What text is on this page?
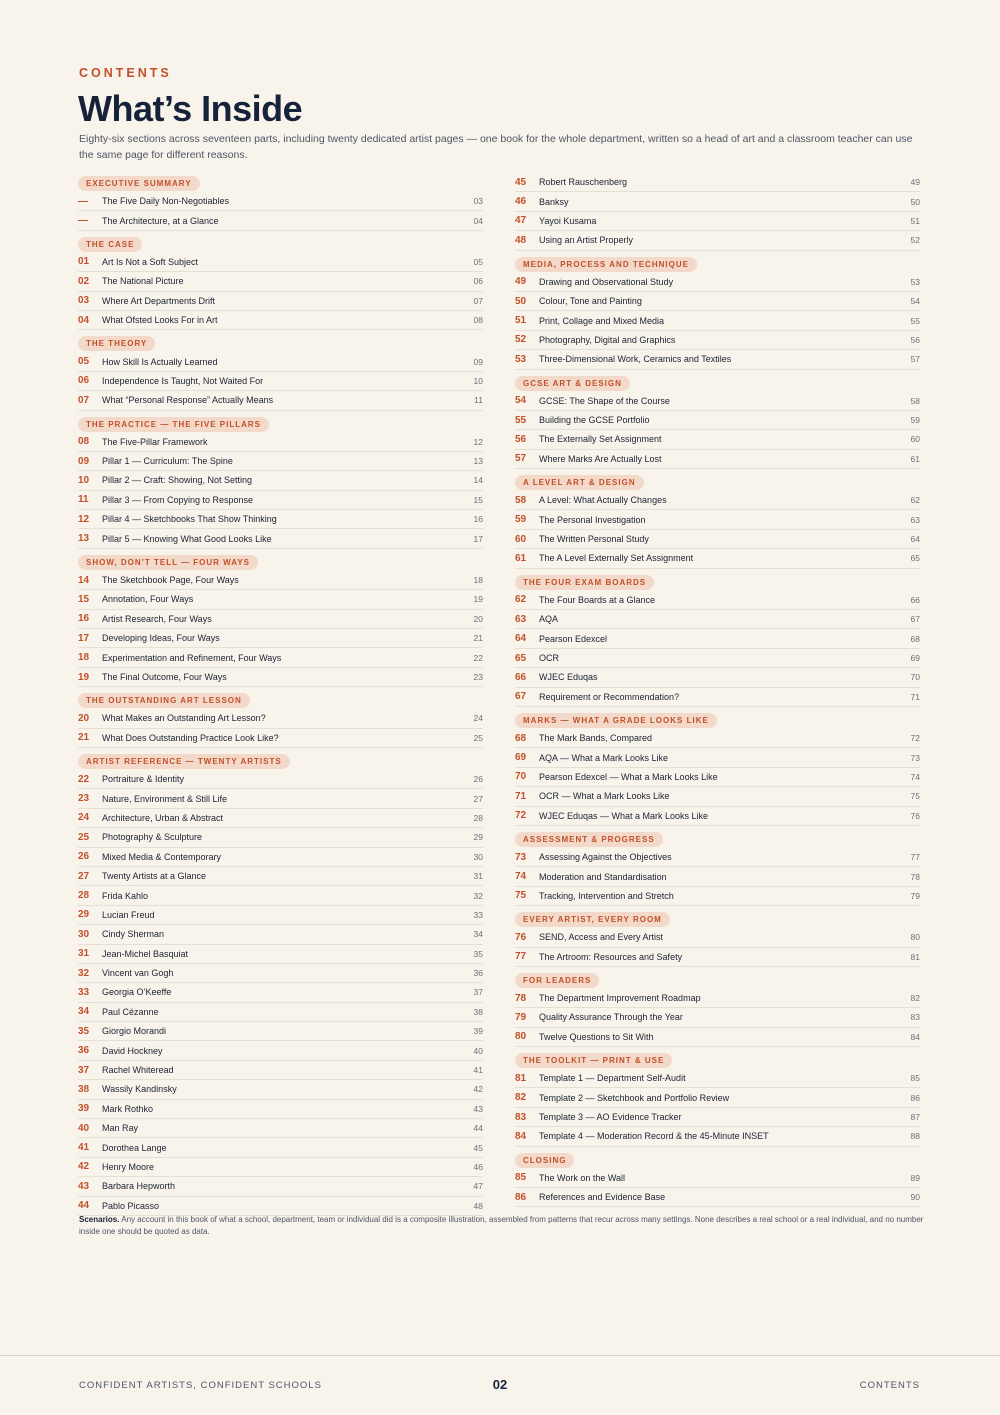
CONTENTS
What’s Inside

Eighty-six sections across seventeen parts, including twenty dedicated artist pages — one book for the whole department, written so a head of art and a classroom teacher can use the same page for different reasons.

EXECUTIVE SUMMARY
—	The Five Daily Non-Negotiables	03
—	The Architecture, at a Glance	04
THE CASE
01	Art Is Not a Soft Subject	05
02	The National Picture	06
03	Where Art Departments Drift	07
04	What Ofsted Looks For in Art	08
THE THEORY
05	How Skill Is Actually Learned	09
06	Independence Is Taught, Not Waited For	10
07	What “Personal Response” Actually Means	11
THE PRACTICE — THE FIVE PILLARS
08	The Five-Pillar Framework	12
09	Pillar 1 — Curriculum: The Spine	13
10	Pillar 2 — Craft: Showing, Not Setting	14
11	Pillar 3 — From Copying to Response	15
12	Pillar 4 — Sketchbooks That Show Thinking	16
13	Pillar 5 — Knowing What Good Looks Like	17
SHOW, DON’T TELL — FOUR WAYS
14	The Sketchbook Page, Four Ways	18
15	Annotation, Four Ways	19
16	Artist Research, Four Ways	20
17	Developing Ideas, Four Ways	21
18	Experimentation and Refinement, Four Ways	22
19	The Final Outcome, Four Ways	23
THE OUTSTANDING ART LESSON
20	What Makes an Outstanding Art Lesson?	24
21	What Does Outstanding Practice Look Like?	25
ARTIST REFERENCE — TWENTY ARTISTS
22	Portraiture & Identity	26
23	Nature, Environment & Still Life	27
24	Architecture, Urban & Abstract	28
25	Photography & Sculpture	29
26	Mixed Media & Contemporary	30
27	Twenty Artists at a Glance	31
28	Frida Kahlo	32
29	Lucian Freud	33
30	Cindy Sherman	34
31	Jean-Michel Basquiat	35
32	Vincent van Gogh	36
33	Georgia O’Keeffe	37
34	Paul Cézanne	38
35	Giorgio Morandi	39
36	David Hockney	40
37	Rachel Whiteread	41
38	Wassily Kandinsky	42
39	Mark Rothko	43
40	Man Ray	44
41	Dorothea Lange	45
42	Henry Moore	46
43	Barbara Hepworth	47
44	Pablo Picasso	48
45	Robert Rauschenberg	49
46	Banksy	50
47	Yayoi Kusama	51
48	Using an Artist Properly	52
MEDIA, PROCESS AND TECHNIQUE
49	Drawing and Observational Study	53
50	Colour, Tone and Painting	54
51	Print, Collage and Mixed Media	55
52	Photography, Digital and Graphics	56
53	Three-Dimensional Work, Ceramics and Textiles	57
GCSE ART & DESIGN
54	GCSE: The Shape of the Course	58
55	Building the GCSE Portfolio	59
56	The Externally Set Assignment	60
57	Where Marks Are Actually Lost	61
A LEVEL ART & DESIGN
58	A Level: What Actually Changes	62
59	The Personal Investigation	63
60	The Written Personal Study	64
61	The A Level Externally Set Assignment	65
THE FOUR EXAM BOARDS
62	The Four Boards at a Glance	66
63	AQA	67
64	Pearson Edexcel	68
65	OCR	69
66	WJEC Eduqas	70
67	Requirement or Recommendation?	71
MARKS — WHAT A GRADE LOOKS LIKE
68	The Mark Bands, Compared	72
69	AQA — What a Mark Looks Like	73
70	Pearson Edexcel — What a Mark Looks Like	74
71	OCR — What a Mark Looks Like	75
72	WJEC Eduqas — What a Mark Looks Like	76
ASSESSMENT & PROGRESS
73	Assessing Against the Objectives	77
74	Moderation and Standardisation	78
75	Tracking, Intervention and Stretch	79
EVERY ARTIST, EVERY ROOM
76	SEND, Access and Every Artist	80
77	The Artroom: Resources and Safety	81
FOR LEADERS
78	The Department Improvement Roadmap	82
79	Quality Assurance Through the Year	83
80	Twelve Questions to Sit With	84
THE TOOLKIT — PRINT & USE
81	Template 1 — Department Self-Audit	85
82	Template 2 — Sketchbook and Portfolio Review	86
83	Template 3 — AO Evidence Tracker	87
84	Template 4 — Moderation Record & the 45-Minute INSET	88
CLOSING
85	The Work on the Wall	89
86	References and Evidence Base	90

Scenarios. Any account in this book of what a school, department, team or individual did is a composite illustration, assembled from patterns that recur across many settings. None describes a real school or a real individual, and no number inside one should be quoted as data.

CONFIDENT ARTISTS, CONFIDENT SCHOOLS	02	CONTENTS
